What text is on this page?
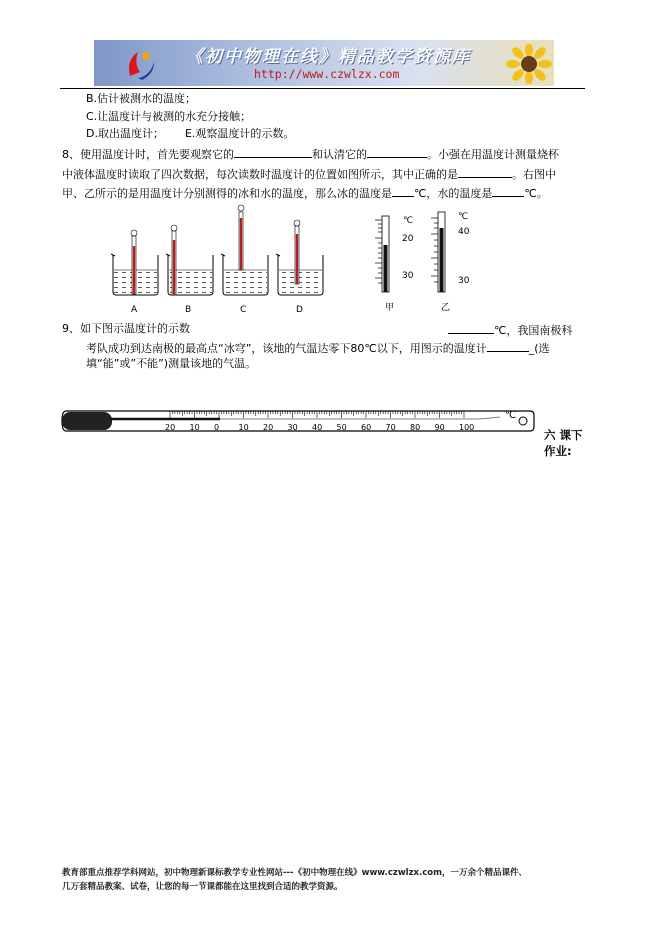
《初中物理在线》精品教学资源库
http://www.czwlzx.com
B.估计被测水的温度；
C.让温度计与被测的水充分接触；
D.取出温度计； E.观察温度计的示数。
8、使用温度计时，首先要观察它的	和认清它的	。小强在用温度计测量烧杯
中液体温度时读取了四次数据，每次读数时温度计的位置如图所示，其中正确的是	。右图中
甲、乙所示的是用温度计分别测得的冰和水的温度，那么冰的温度是 ℃，水的温度是	℃。
A	B	C	D
℃
20
30
甲
℃
40
30
乙
9、如下图示温度计的示数	℃，我国南极科
考队成功到达南极的最高点“冰穹”，该地的气温达零下80℃以下，用图示的温度计	_(选
填“能”或”不能”)测量该地的气温。
20 10 0 10 20 30 40 50 60 70 80 90 100
℃
六 课下
作业:
教育部重点推荐学科网站，初中物理新课标教学专业性网站---《初中物理在线》www.czwlzx.com，一万余个精品课件、
几万套精品教案、试卷，让您的每一节课都能在这里找到合适的教学资源。
